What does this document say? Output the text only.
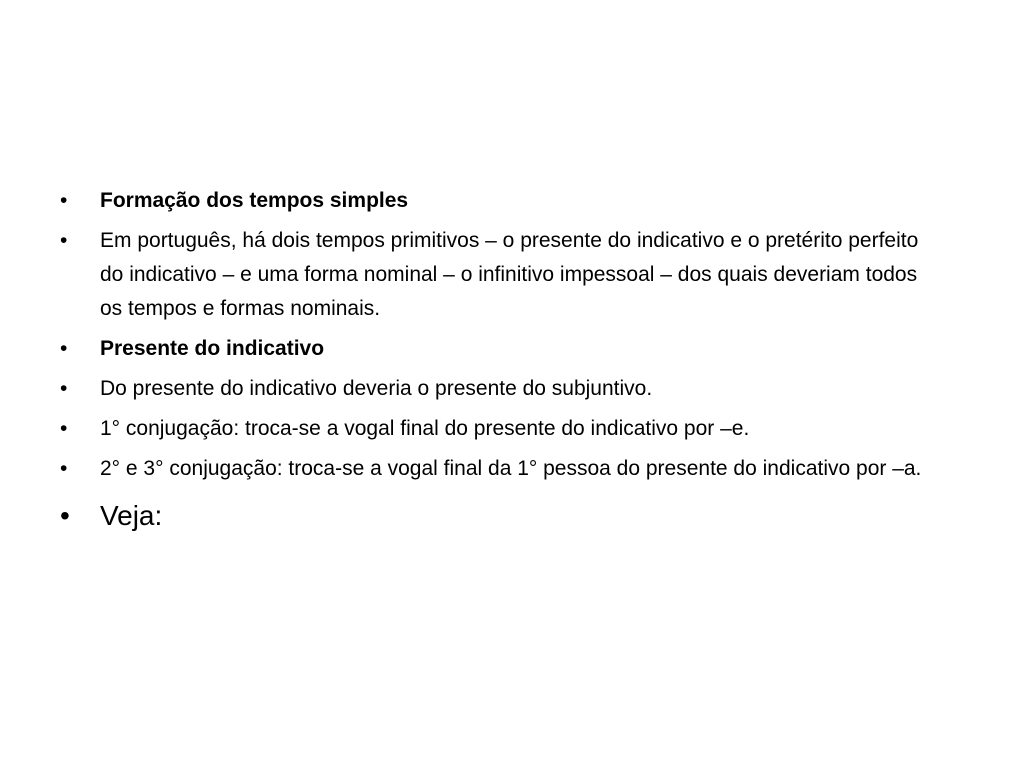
•	Formação dos tempos simples
•	Em português, há dois tempos primitivos – o presente do indicativo e o pretérito perfeito do indicativo – e uma forma nominal – o infinitivo impessoal – dos quais deveriam todos os tempos e formas nominais.
•	Presente do indicativo
•	Do presente do indicativo deveria o presente do subjuntivo.
•	1° conjugação: troca-se a vogal final do presente do indicativo por –e.
•	2° e 3° conjugação: troca-se a vogal final da 1° pessoa do presente do indicativo por –a.
•	Veja:
